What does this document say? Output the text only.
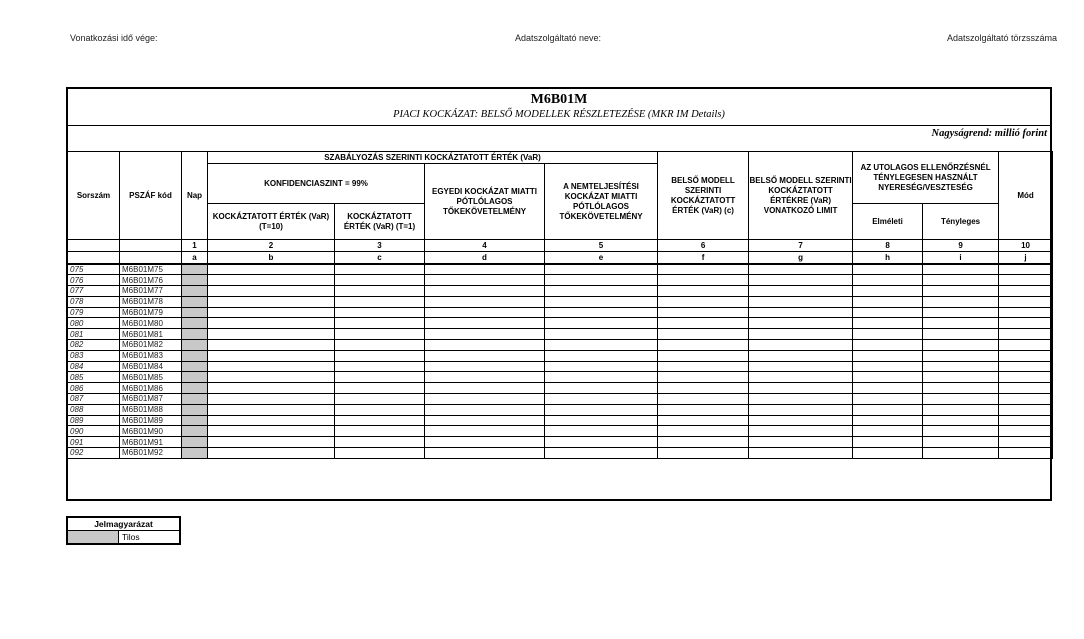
Vonatkozási idő vége:	Adatszolgáltató neve:	Adatszolgáltató törzsszáma
M6B01M
PIACI KOCKÁZAT: BELSŐ MODELLEK RÉSZLETEZÉSE (MKR IM Details)
Nagyságrend: millió forint
Sorszám	PSZÁF kód	Nap	SZABÁLYOZÁS SZERINTI KOCKÁZTATOTT ÉRTÉK (VaR)				BELSŐ MODELL SZERINTI KOCKÁZTATOTT ÉRTÉK (VaR) (c)	BELSŐ MODELL SZERINTI KOCKÁZTATOTT ÉRTÉKRE (VaR) VONATKOZÓ LIMIT	AZ UTOLAGOS ELLENŐRZÉSNÉL TÉNYLEGESEN HASZNÁLT NYERESÉG/VESZTESÉG		Mód
			KONFIDENCIASZINT = 99%		EGYEDI KOCKÁZAT MIATTI PÓTLÓLAGOS TŐKEKÖVETELMÉNY	A NEMTELJESÍTÉSI KOCKÁZAT MIATTI PÓTLÓLAGOS TŐKEKÖVETELMÉNY					
			KOCKÁZTATOTT ÉRTÉK (VaR) (T=10)	KOCKÁZTATOTT ÉRTÉK (VaR) (T=1)					Elméleti	Tényleges	
		1	2	3	4	5	6	7	8	9	10
		a	b	c	d	e	f	g	h	i	j
075	M6B01M75										
076	M6B01M76										
077	M6B01M77										
078	M6B01M78										
079	M6B01M79										
080	M6B01M80										
081	M6B01M81										
082	M6B01M82										
083	M6B01M83										
084	M6B01M84										
085	M6B01M85										
086	M6B01M86										
087	M6B01M87										
088	M6B01M88										
089	M6B01M89										
090	M6B01M90										
091	M6B01M91										
092	M6B01M92										
Jelmagyarázat
Tilos
